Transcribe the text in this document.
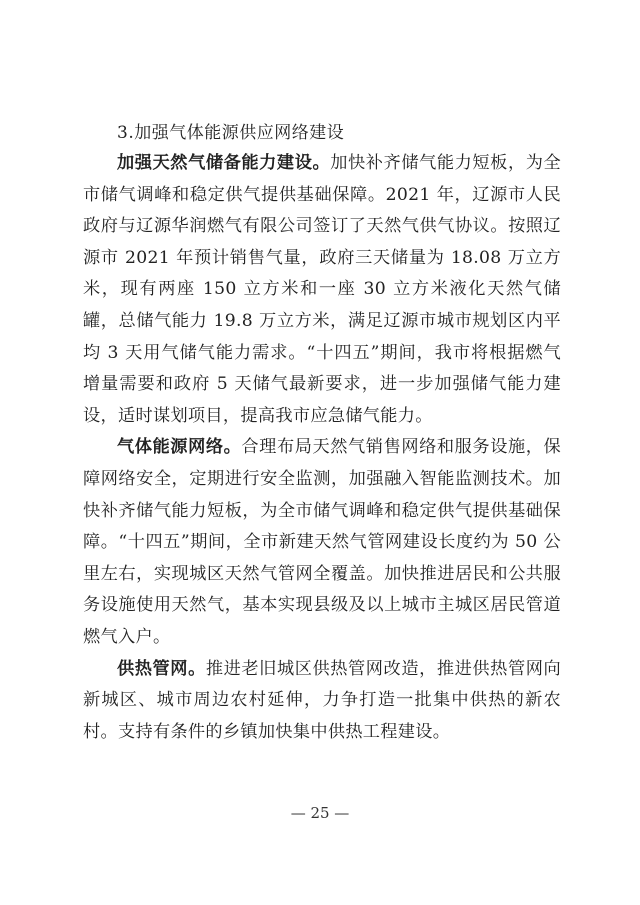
3.加强气体能源供应网络建设

加强天然气储备能力建设。加快补齐储气能力短板，为全市储气调峰和稳定供气提供基础保障。2021 年，辽源市人民政府与辽源华润燃气有限公司签订了天然气供气协议。按照辽源市 2021 年预计销售气量，政府三天储量为 18.08 万立方米，现有两座 150 立方米和一座 30 立方米液化天然气储罐，总储气能力 19.8 万立方米，满足辽源市城市规划区内平均 3 天用气储气能力需求。“十四五”期间，我市将根据燃气增量需要和政府 5 天储气最新要求，进一步加强储气能力建设，适时谋划项目，提高我市应急储气能力。

气体能源网络。合理布局天然气销售网络和服务设施，保障网络安全，定期进行安全监测，加强融入智能监测技术。加快补齐储气能力短板，为全市储气调峰和稳定供气提供基础保障。“十四五”期间，全市新建天然气管网建设长度约为 50 公里左右，实现城区天然气管网全覆盖。加快推进居民和公共服务设施使用天然气，基本实现县级及以上城市主城区居民管道燃气入户。

供热管网。推进老旧城区供热管网改造，推进供热管网向新城区、城市周边农村延伸，力争打造一批集中供热的新农村。支持有条件的乡镇加快集中供热工程建设。

— 25 —
